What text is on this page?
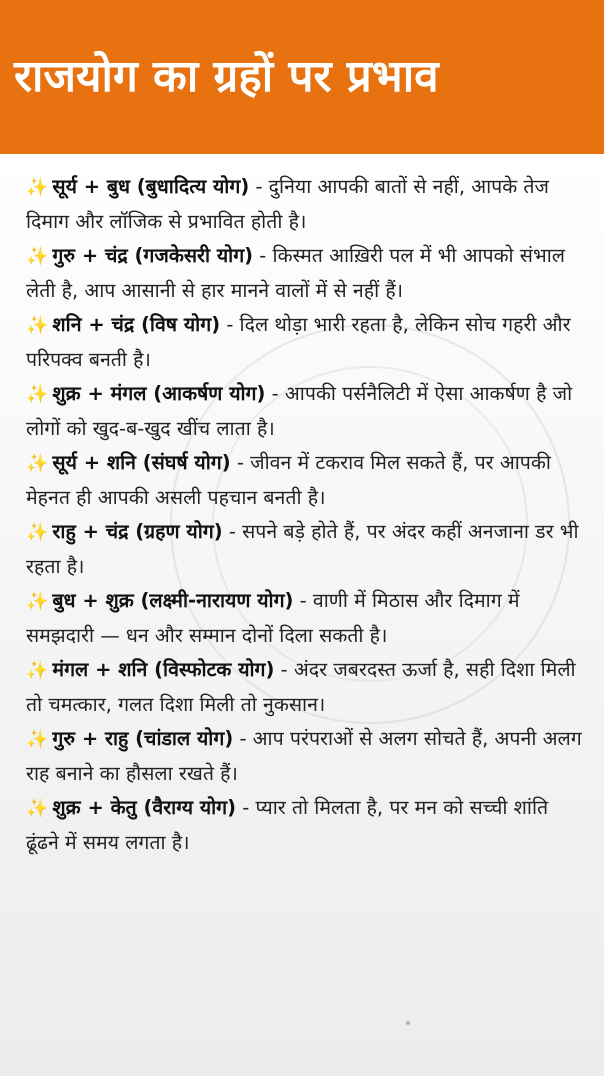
राजयोग का ग्रहों पर प्रभाव
✨ सूर्य + बुध (बुधादित्य योग) - दुनिया आपकी बातों से नहीं, आपके तेज दिमाग और लॉजिक से प्रभावित होती है।
✨ गुरु + चंद्र (गजकेसरी योग) - किस्मत आख़िरी पल में भी आपको संभाल लेती है, आप आसानी से हार मानने वालों में से नहीं हैं।
✨ शनि + चंद्र (विष योग) - दिल थोड़ा भारी रहता है, लेकिन सोच गहरी और परिपक्व बनती है।
✨ शुक्र + मंगल (आकर्षण योग) - आपकी पर्सनैलिटी में ऐसा आकर्षण है जो लोगों को खुद-ब-खुद खींच लाता है।
✨ सूर्य + शनि (संघर्ष योग) - जीवन में टकराव मिल सकते हैं, पर आपकी मेहनत ही आपकी असली पहचान बनती है।
✨ राहु + चंद्र (ग्रहण योग) - सपने बड़े होते हैं, पर अंदर कहीं अनजाना डर भी रहता है।
✨ बुध + शुक्र (लक्ष्मी-नारायण योग) - वाणी में मिठास और दिमाग में समझदारी — धन और सम्मान दोनों दिला सकती है।
✨ मंगल + शनि (विस्फोटक योग) - अंदर जबरदस्त ऊर्जा है, सही दिशा मिली तो चमत्कार, गलत दिशा मिली तो नुकसान।
✨ गुरु + राहु (चांडाल योग) - आप परंपराओं से अलग सोचते हैं, अपनी अलग राह बनाने का हौसला रखते हैं।
✨ शुक्र + केतु (वैराग्य योग) - प्यार तो मिलता है, पर मन को सच्ची शांति ढूंढने में समय लगता है।
